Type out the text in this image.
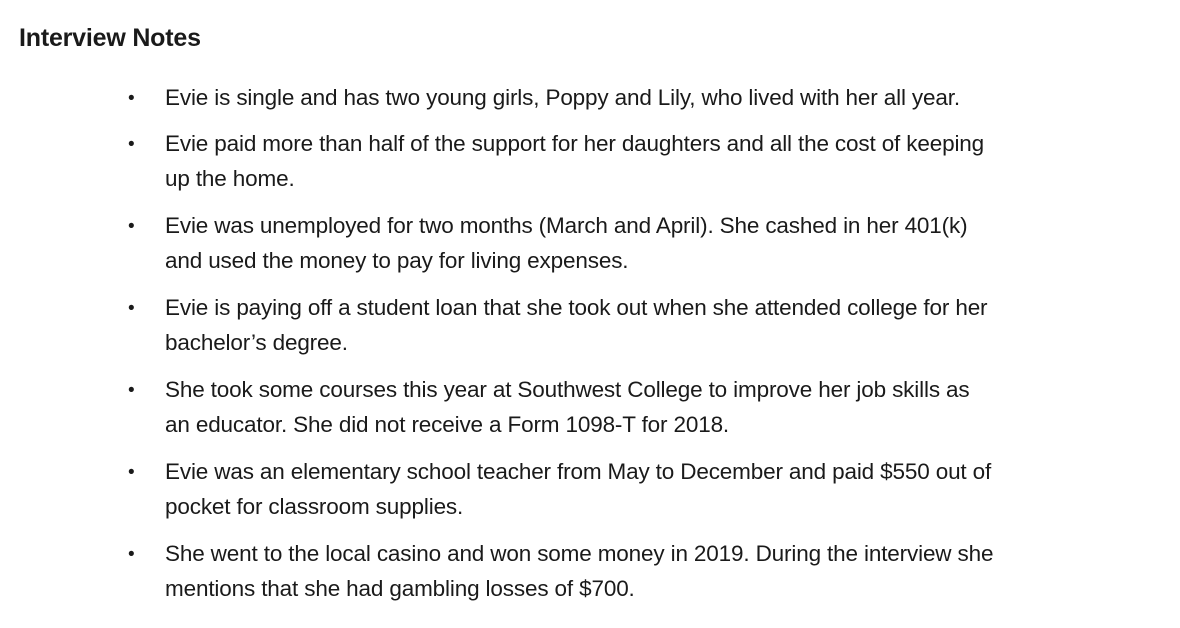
Interview Notes
• Evie is single and has two young girls, Poppy and Lily, who lived with her all year.
• Evie paid more than half of the support for her daughters and all the cost of keeping
up the home.
• Evie was unemployed for two months (March and April). She cashed in her 401(k)
and used the money to pay for living expenses.
• Evie is paying off a student loan that she took out when she attended college for her
bachelor’s degree.
• She took some courses this year at Southwest College to improve her job skills as
an educator. She did not receive a Form 1098-T for 2018.
• Evie was an elementary school teacher from May to December and paid $550 out of
pocket for classroom supplies.
• She went to the local casino and won some money in 2019. During the interview she
mentions that she had gambling losses of $700.
